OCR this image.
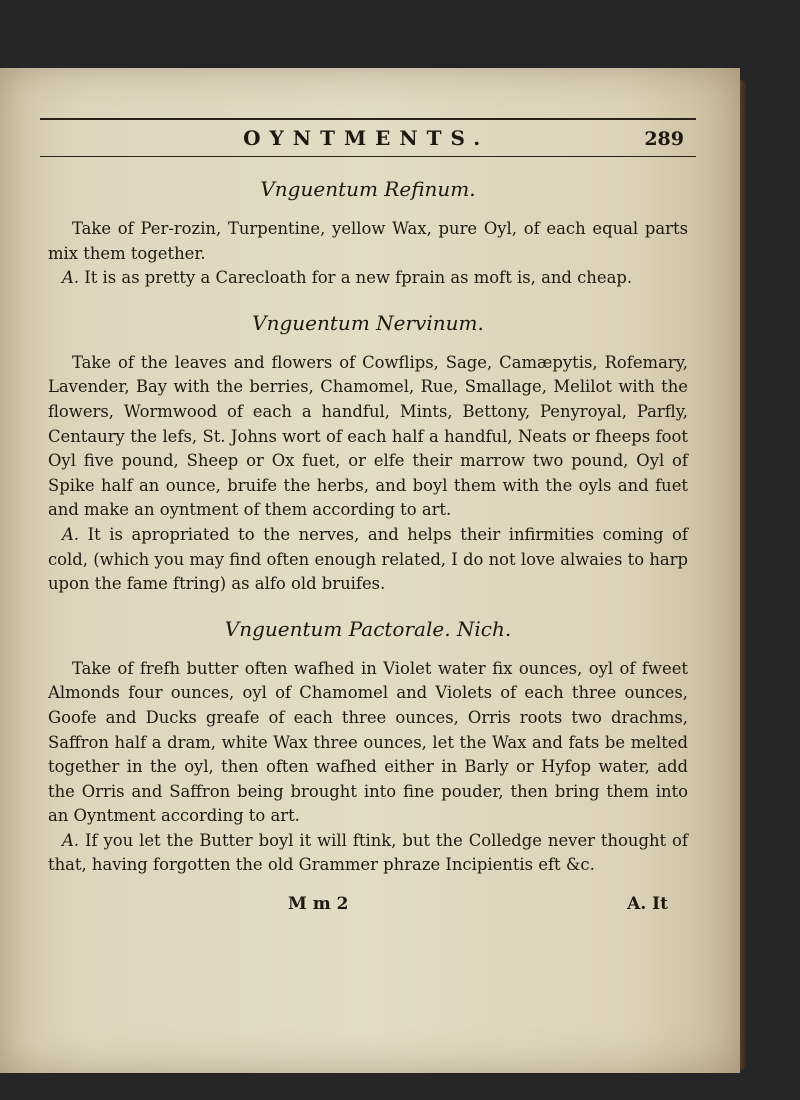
OYNTMENTS.	289
Vnguentum Refinum.

Take of Per-rozin, Turpentine, yellow Wax, pure Oyl, of each equal parts mix them together.

A. It is as pretty a Carecloath for a new fprain as moft is, and cheap.

Vnguentum Nervinum.

Take of the leaves and flowers of Cowflips, Sage, Camæpytis, Rofemary, Lavender, Bay with the berries, Chamomel, Rue, Smallage, Melilot with the flowers, Wormwood of each a handful, Mints, Bettony, Penyroyal, Parfly, Centaury the lefs, St. Johns wort of each half a handful, Neats or fheeps foot Oyl five pound, Sheep or Ox fuet, or elfe their marrow two pound, Oyl of Spike half an ounce, bruife the herbs, and boyl them with the oyls and fuet and make an oyntment of them according to art.

A. It is apropriated to the nerves, and helps their infirmities coming of cold, (which you may find often enough related, I do not love alwaies to harp upon the fame ftring) as alfo old bruifes.

Vnguentum Pactorale. Nich.

Take of frefh butter often wafhed in Violet water fix ounces, oyl of fweet Almonds four ounces, oyl of Chamomel and Violets of each three ounces, Goofe and Ducks greafe of each three ounces, Orris roots two drachms, Saffron half a dram, white Wax three ounces, let the Wax and fats be melted together in the oyl, then often wafhed either in Barly or Hyfop water, add the Orris and Saffron being brought into fine pouder, then bring them into an Oyntment according to art.

A. If you let the Butter boyl it will ftink, but the Colledge never thought of that, having forgotten the old Grammer phraze Incipientis eft &c.

M m 2	A. It
